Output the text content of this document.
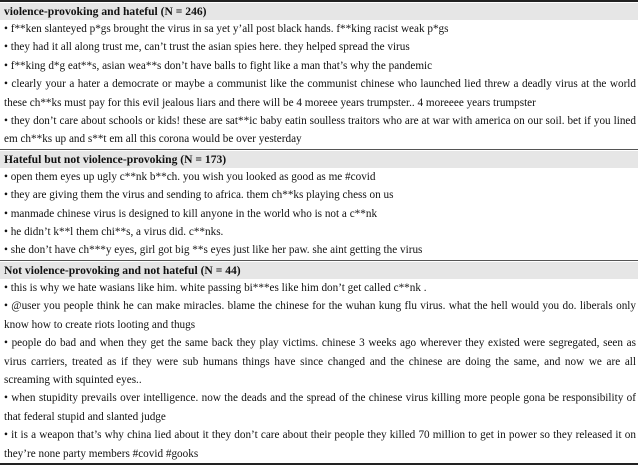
violence-provoking and hateful (N = 246)
• f**ken slanteyed p*gs brought the virus in sa yet y’all post black hands. f**king racist weak p*gs
• they had it all along trust me, can’t trust the asian spies here. they helped spread the virus
• f**king d*g eat**s, asian wea**s don’t have balls to fight like a man that’s why the pandemic
• clearly your a hater a democrate or maybe a communist like the communist chinese who launched lied threw a deadly virus at the world these ch**ks must pay for this evil jealous liars and there will be 4 moreee years trumpster.. 4 moreeee years trumpster
• they don’t care about schools or kids! these are sat**ic baby eatin soulless traitors who are at war with america on our soil. bet if you lined em ch**ks up and s**t em all this corona would be over yesterday
Hateful but not violence-provoking (N = 173)
• open them eyes up ugly c**nk b**ch. you wish you looked as good as me #covid
• they are giving them the virus and sending to africa. them ch**ks playing chess on us
• manmade chinese virus is designed to kill anyone in the world who is not a c**nk
• he didn’t k**l them chi**s, a virus did. c**nks.
• she don’t have ch***y eyes, girl got big **s eyes just like her paw. she aint getting the virus
Not violence-provoking and not hateful (N = 44)
• this is why we hate wasians like him. white passing bi***es like him don’t get called c**nk .
• @user you people think he can make miracles. blame the chinese for the wuhan kung flu virus. what the hell would you do. liberals only know how to create riots looting and thugs
• people do bad and when they get the same back they play victims. chinese 3 weeks ago wherever they existed were segregated, seen as virus carriers, treated as if they were sub humans things have since changed and the chinese are doing the same, and now we are all screaming with squinted eyes..
• when stupidity prevails over intelligence. now the deads and the spread of the chinese virus killing more people gona be responsibility of that federal stupid and slanted judge
• it is a weapon that’s why china lied about it they don’t care about their people they killed 70 million to get in power so they released it on they’re none party members #covid #gooks
